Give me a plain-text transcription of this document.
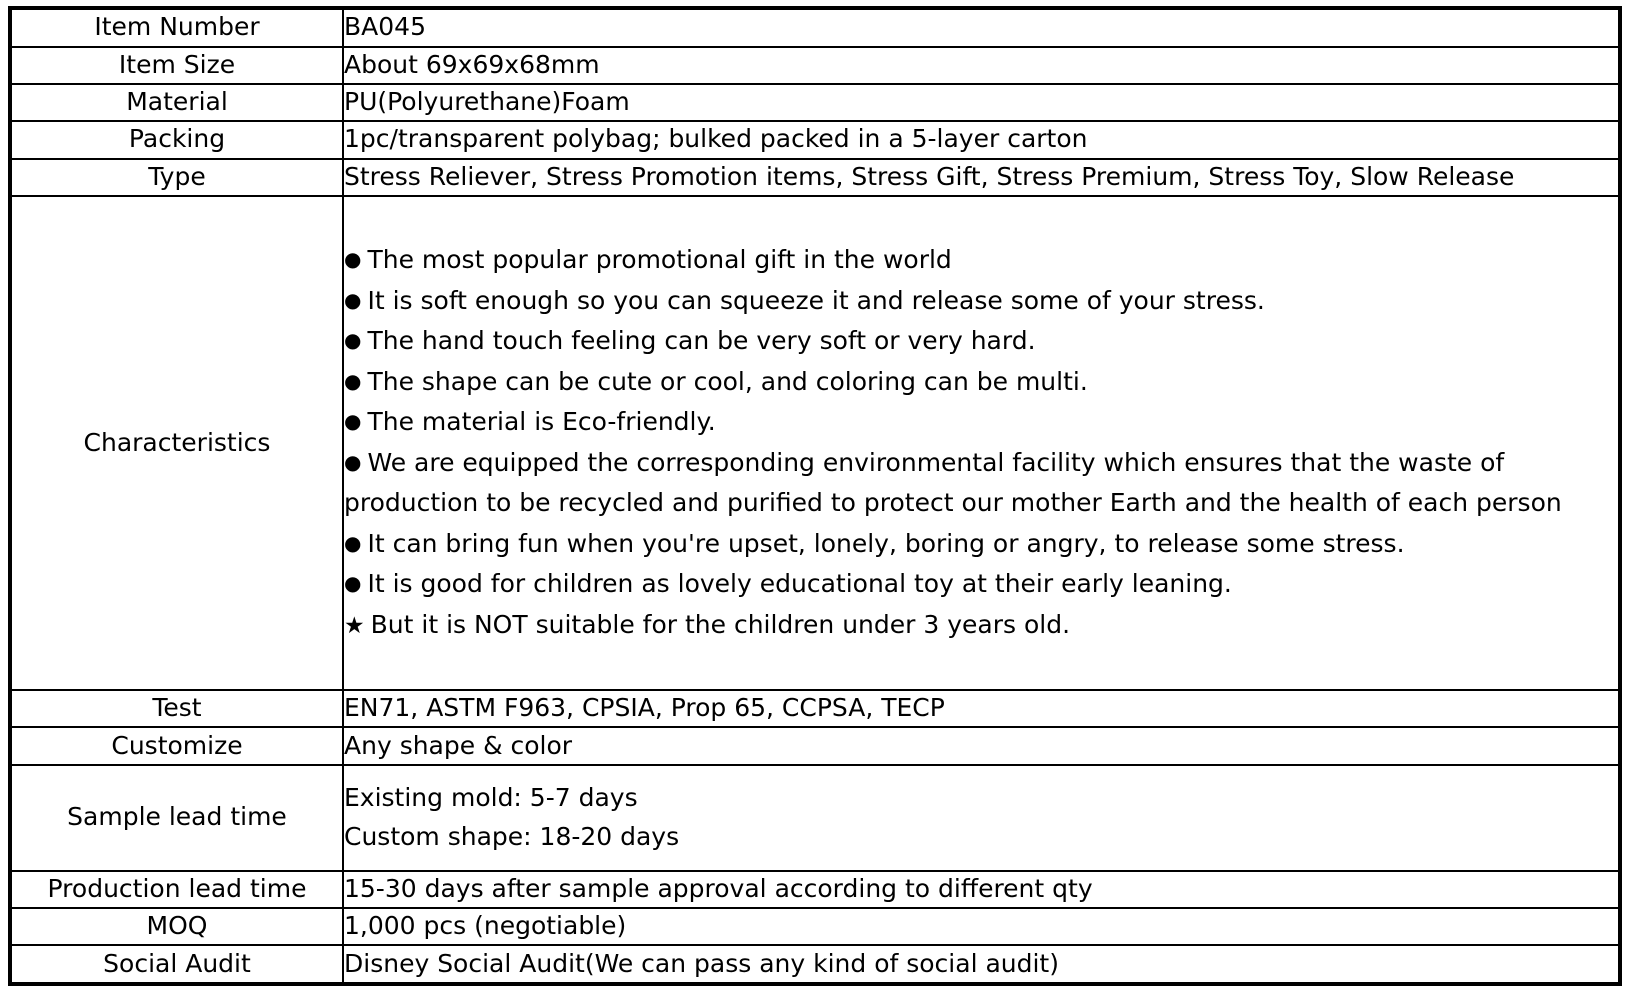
Item Number	BA045
Item Size	About 69x69x68mm
Material	PU(Polyurethane)Foam
Packing	1pc/transparent polybag; bulked packed in a 5-layer carton
Type	Stress Reliever, Stress Promotion items, Stress Gift, Stress Premium, Stress Toy, Slow Release
Characteristics	
● The most popular promotional gift in the world
● It is soft enough so you can squeeze it and release some of your stress.
● The hand touch feeling can be very soft or very hard.
● The shape can be cute or cool, and coloring can be multi.
● The material is Eco-friendly.
● We are equipped the corresponding environmental facility which ensures that the waste of production to be recycled and purified to protect our mother Earth and the health of each person
● It can bring fun when you're upset, lonely, boring or angry, to release some stress.
● It is good for children as lovely educational toy at their early leaning.
★ But it is NOT suitable for the children under 3 years old.

Test	EN71, ASTM F963, CPSIA, Prop 65, CCPSA, TECP
Customize	Any shape & color
Sample lead time	Existing mold: 5-7 days
Custom shape: 18-20 days

Production lead time	15-30 days after sample approval according to different qty
MOQ	1,000 pcs (negotiable)
Social Audit	Disney Social Audit(We can pass any kind of social audit)
